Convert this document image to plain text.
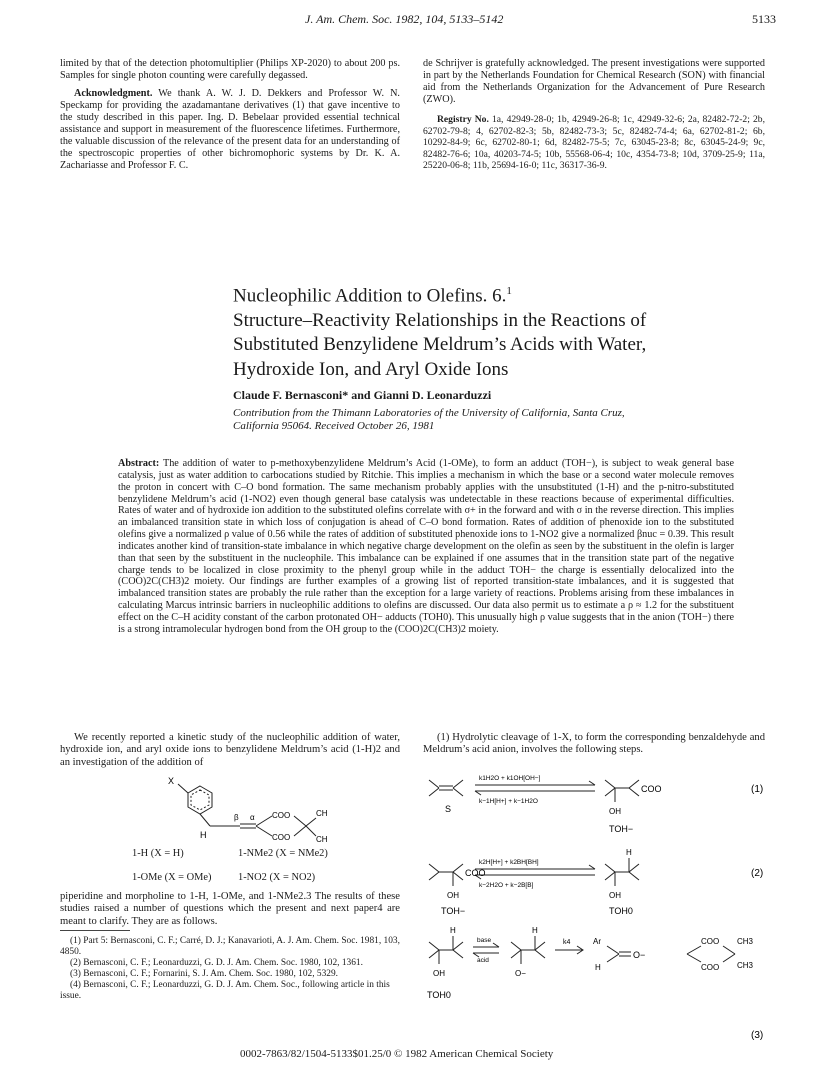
J. Am. Chem. Soc. 1982, 104, 5133–5142	5133

limited by that of the detection photomultiplier (Philips XP-2020) to about 200 ps. Samples for single photon counting were carefully degassed.

Acknowledgment. We thank A. W. J. D. Dekkers and Professor W. N. Speckamp for providing the azadamantane derivatives (1) that gave incentive to the study described in this paper. Ing. D. Bebelaar provided essential technical assistance and support in measurement of the fluorescence lifetimes. Furthermore, the valuable discussion of the relevance of the present data for an understanding of the spectroscopic properties of other bichromophoric systems by Dr. K. A. Zachariasse and Professor F. C.

de Schrijver is gratefully acknowledged. The present investigations were supported in part by the Netherlands Foundation for Chemical Research (SON) with financial aid from the Netherlands Organization for the Advancement of Pure Research (ZWO).

Registry No. 1a, 42949-28-0; 1b, 42949-26-8; 1c, 42949-32-6; 2a, 82482-72-2; 2b, 62702-79-8; 4, 62702-82-3; 5b, 82482-73-3; 5c, 82482-74-4; 6a, 62702-81-2; 6b, 10292-84-9; 6c, 62702-80-1; 6d, 82482-75-5; 7c, 63045-23-8; 8c, 63045-24-9; 9c, 82482-76-6; 10a, 40203-74-5; 10b, 55568-06-4; 10c, 4354-73-8; 10d, 3709-25-9; 11a, 25220-06-8; 11b, 25694-16-0; 11c, 36317-36-9.

Nucleophilic Addition to Olefins. 6.$^1$
Structure–Reactivity Relationships in the Reactions of
Substituted Benzylidene Meldrum’s Acids with Water,
Hydroxide Ion, and Aryl Oxide Ions
Claude F. Bernasconi* and Gianni D. Leonarduzzi
Contribution from the Thimann Laboratories of the University of California, Santa Cruz,
California 95064. Received October 26, 1981
Abstract: The addition of water to p-methoxybenzylidene Meldrum’s Acid (1-OMe), to form an adduct (TOH−), is subject to weak general base catalysis, just as water addition to carbocations studied by Ritchie. This implies a mechanism in which the base or a second water molecule removes the proton in concert with C–O bond formation. The same mechanism probably applies with the unsubstituted (1-H) and the p-nitro-substituted benzylidene Meldrum’s acid (1-NO2) even though general base catalysis was undetectable in these reactions because of experimental difficulties. Rates of water and of hydroxide ion addition to the substituted olefins correlate with σ+ in the forward and with σ in the reverse direction. This implies an imbalanced transition state in which loss of conjugation is ahead of C–O bond formation. Rates of addition of phenoxide ion to the substituted olefins give a normalized ρ value of 0.56 while the rates of addition of substituted phenoxide ions to 1-NO2 give a normalized βnuc = 0.39. This result indicates another kind of transition-state imbalance in which negative charge development on the olefin as seen by the substituent in the olefin is larger than that seen by the substituent in the nucleophile. This imbalance can be explained if one assumes that in the transition state part of the negative charge tends to be localized in close proximity to the phenyl group while in the adduct TOH− the charge is essentially delocalized into the (COO)2C(CH3)2 moiety. Our findings are further examples of a growing list of reported transition-state imbalances, and it is suggested that imbalanced transition states are probably the rule rather than the exception for a large variety of reactions. Problems arising from these imbalances in calculating Marcus intrinsic barriers in nucleophilic additions to olefins are discussed. Our data also permit us to estimate a ρ ≈ 1.2 for the substituent effect on the C–H acidity constant of the carbon protonated OH− adducts (TOH0). This unusually high ρ value suggests that in the anion (TOH−) there is a strong intramolecular hydrogen bond from the OH group to the (COO)2C(CH3)2 moiety.

We recently reported a kinetic study of the nucleophilic addition of water, hydroxide ion, and aryl oxide ions to benzylidene Meldrum’s acid (1-H)2 and an investigation of the addition of

X
H
β α COO
COO
CH
CH
1-H (X = H)	1-NMe2 (X = NMe2)
1-OMe (X = OMe)	1-NO2 (X = NO2)

piperidine and morpholine to 1-H, 1-OMe, and 1-NMe2.3 The results of these studies raised a number of questions which the present and next paper4 are meant to clarify. They are as follows.

(1) Part 5: Bernasconi, C. F.; Carré, D. J.; Kanavarioti, A. J. Am. Chem. Soc. 1981, 103, 4850.

(2) Bernasconi, C. F.; Leonarduzzi, G. D. J. Am. Chem. Soc. 1980, 102, 1361.

(3) Bernasconi, C. F.; Fornarini, S. J. Am. Chem. Soc. 1980, 102, 5329.

(4) Bernasconi, C. F.; Leonarduzzi, G. D. J. Am. Chem. Soc., following article in this issue.

(1) Hydrolytic cleavage of 1-X, to form the corresponding benzaldehyde and Meldrum’s acid anion, involves the following steps.

S
k1H2O + k1OH[OH−]
k−1H[H+] + k−1H2O
COO
OH
TOH−
(1)
COO
OH
TOH−
k2H[H+] + k2BH[BH]
k−2H2O + k−2B[B]
H
OH
TOH0
(2)
H
OH
TOH0
base
acid
H
O−
k4	Ar
H
O−
COO
COO
CH3
CH3
(3)
0002-7863/82/1504-5133$01.25/0 © 1982 American Chemical Society
